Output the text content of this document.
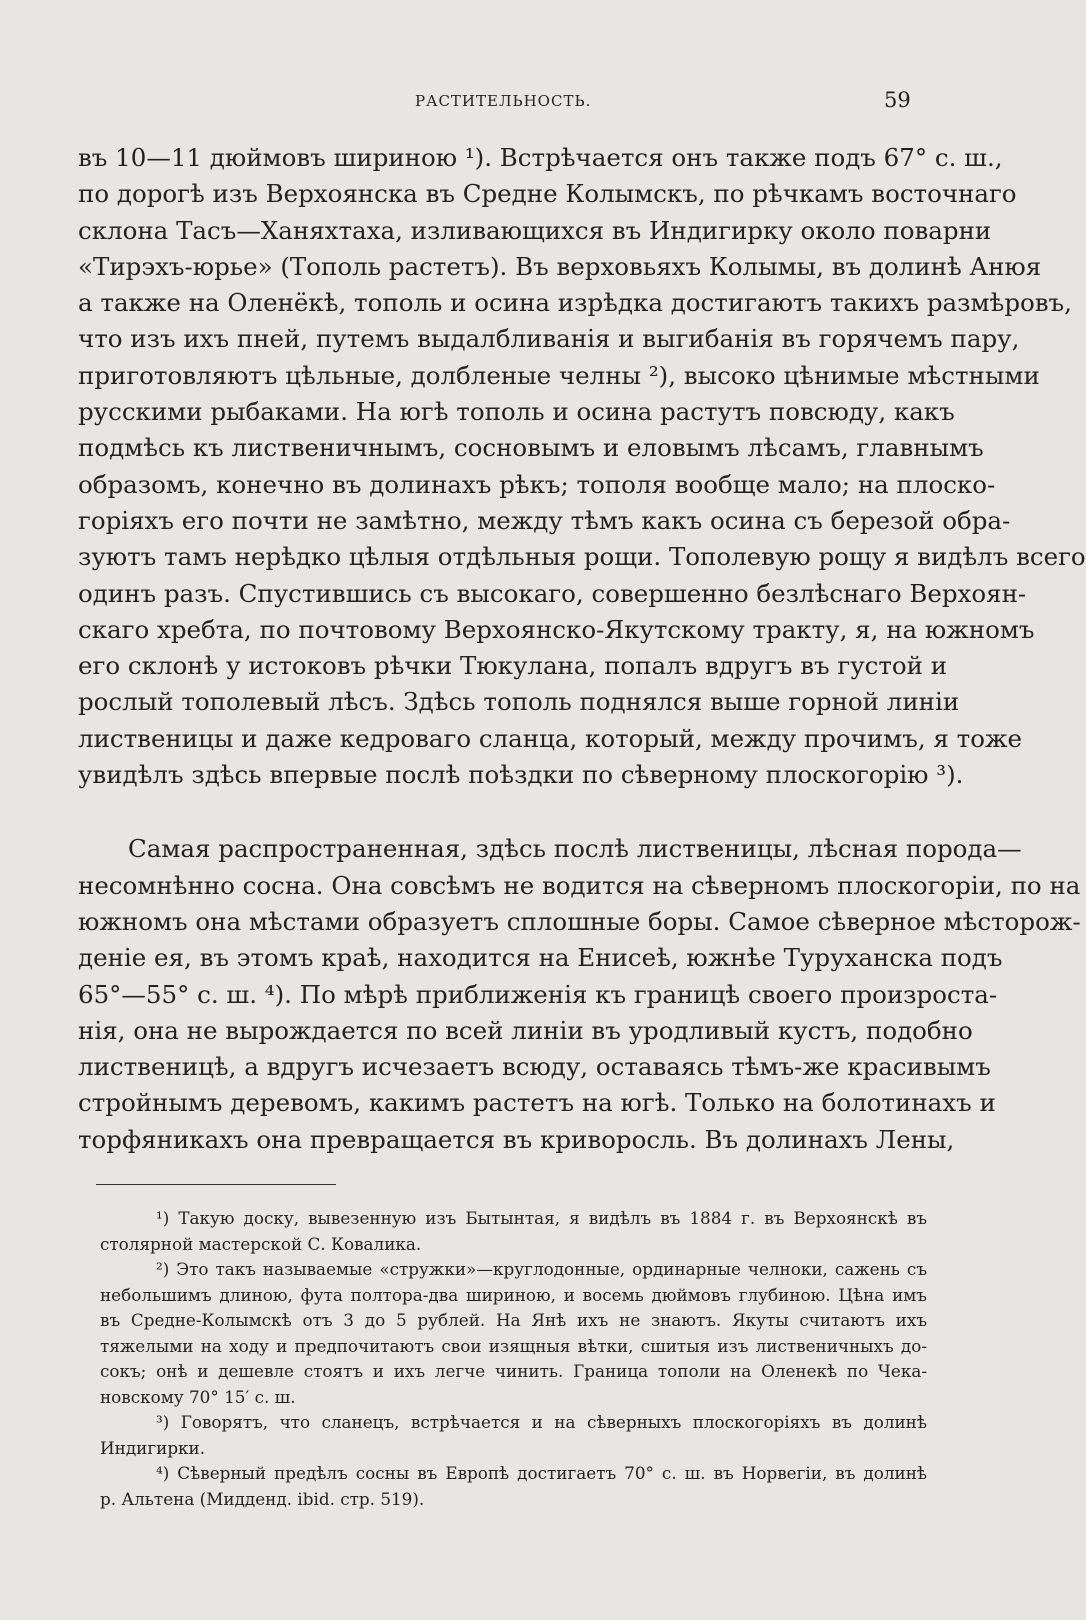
РАСТИТЕЛЬНОСТЬ.	59
въ 10—11 дюймовъ шириною ¹). Встрѣчается онъ также подъ 67° с. ш.,
по дорогѣ изъ Верхоянска въ Средне Колымскъ, по рѣчкамъ восточнаго
склона Тасъ—Ханяхтаха, изливающихся въ Индигирку около поварни
«Тирэхъ-юрье» (Тополь растетъ). Въ верховьяхъ Колымы, въ долинѣ Анюя
а также на Оленёкѣ, тополь и осина изрѣдка достигаютъ такихъ размѣровъ,
что изъ ихъ пней, путемъ выдалбливанія и выгибанія въ горячемъ пару,
приготовляютъ цѣльные, долбленые челны ²), высоко цѣнимые мѣстными
русскими рыбаками. На югѣ тополь и осина растутъ повсюду, какъ
подмѣсь къ лиственичнымъ, сосновымъ и еловымъ лѣсамъ, главнымъ
образомъ, конечно въ долинахъ рѣкъ; тополя вообще мало; на плоско-
горіяхъ его почти не замѣтно, между тѣмъ какъ осина съ березой обра-
зуютъ тамъ нерѣдко цѣлыя отдѣльныя рощи. Тополевую рощу я видѣлъ всего
одинъ разъ. Спустившись съ высокаго, совершенно безлѣснаго Верхоян-
скаго хребта, по почтовому Верхоянско-Якутскому тракту, я, на южномъ
его склонѣ у истоковъ рѣчки Тюкулана, попалъ вдругъ въ густой и
рослый тополевый лѣсъ. Здѣсь тополь поднялся выше горной линіи
лиственицы и даже кедроваго сланца, который, между прочимъ, я тоже
увидѣлъ здѣсь впервые послѣ поѣздки по сѣверному плоскогорію ³).
Самая распространенная, здѣсь послѣ лиственицы, лѣсная порода—
несомнѣнно сосна. Она совсѣмъ не водится на сѣверномъ плоскогоріи, по на
южномъ она мѣстами образуетъ сплошные боры. Самое сѣверное мѣсторож-
деніе ея, въ этомъ краѣ, находится на Енисеѣ, южнѣе Туруханска подъ
65°—55° с. ш. ⁴). По мѣрѣ приближенія къ границѣ своего произроста-
нія, она не вырождается по всей линіи въ уродливый кустъ, подобно
лиственицѣ, а вдругъ исчезаетъ всюду, оставаясь тѣмъ-же красивымъ
стройнымъ деревомъ, какимъ растетъ на югѣ. Только на болотинахъ и
торфяникахъ она превращается въ криворосль. Въ долинахъ Лены,
¹) Такую доску, вывезенную изъ Бытынтая, я видѣлъ въ 1884 г. въ Верхоянскѣ въ
столярной мастерской С. Ковалика.
²) Это такъ называемые «стружки»—круглодонные, ординарные челноки, сажень съ
небольшимъ длиною, фута полтора-два шириною, и восемь дюймовъ глубиною. Цѣна имъ
въ Средне-Колымскѣ отъ 3 до 5 рублей. На Янѣ ихъ не знаютъ. Якуты считаютъ ихъ
тяжелыми на ходу и предпочитаютъ свои изящныя вѣтки, сшитыя изъ лиственичныхъ до-
сокъ; онѣ и дешевле стоятъ и ихъ легче чинить. Граница тополи на Оленекѣ по Чека-
новскому 70° 15′ с. ш.
³) Говорятъ, что сланецъ, встрѣчается и на сѣверныхъ плоскогоріяхъ въ долинѣ
Индигирки.
⁴) Сѣверный предѣлъ сосны въ Европѣ достигаетъ 70° с. ш. въ Норвегіи, въ долинѣ
р. Альтена (Мидденд. ibid. стр. 519).
